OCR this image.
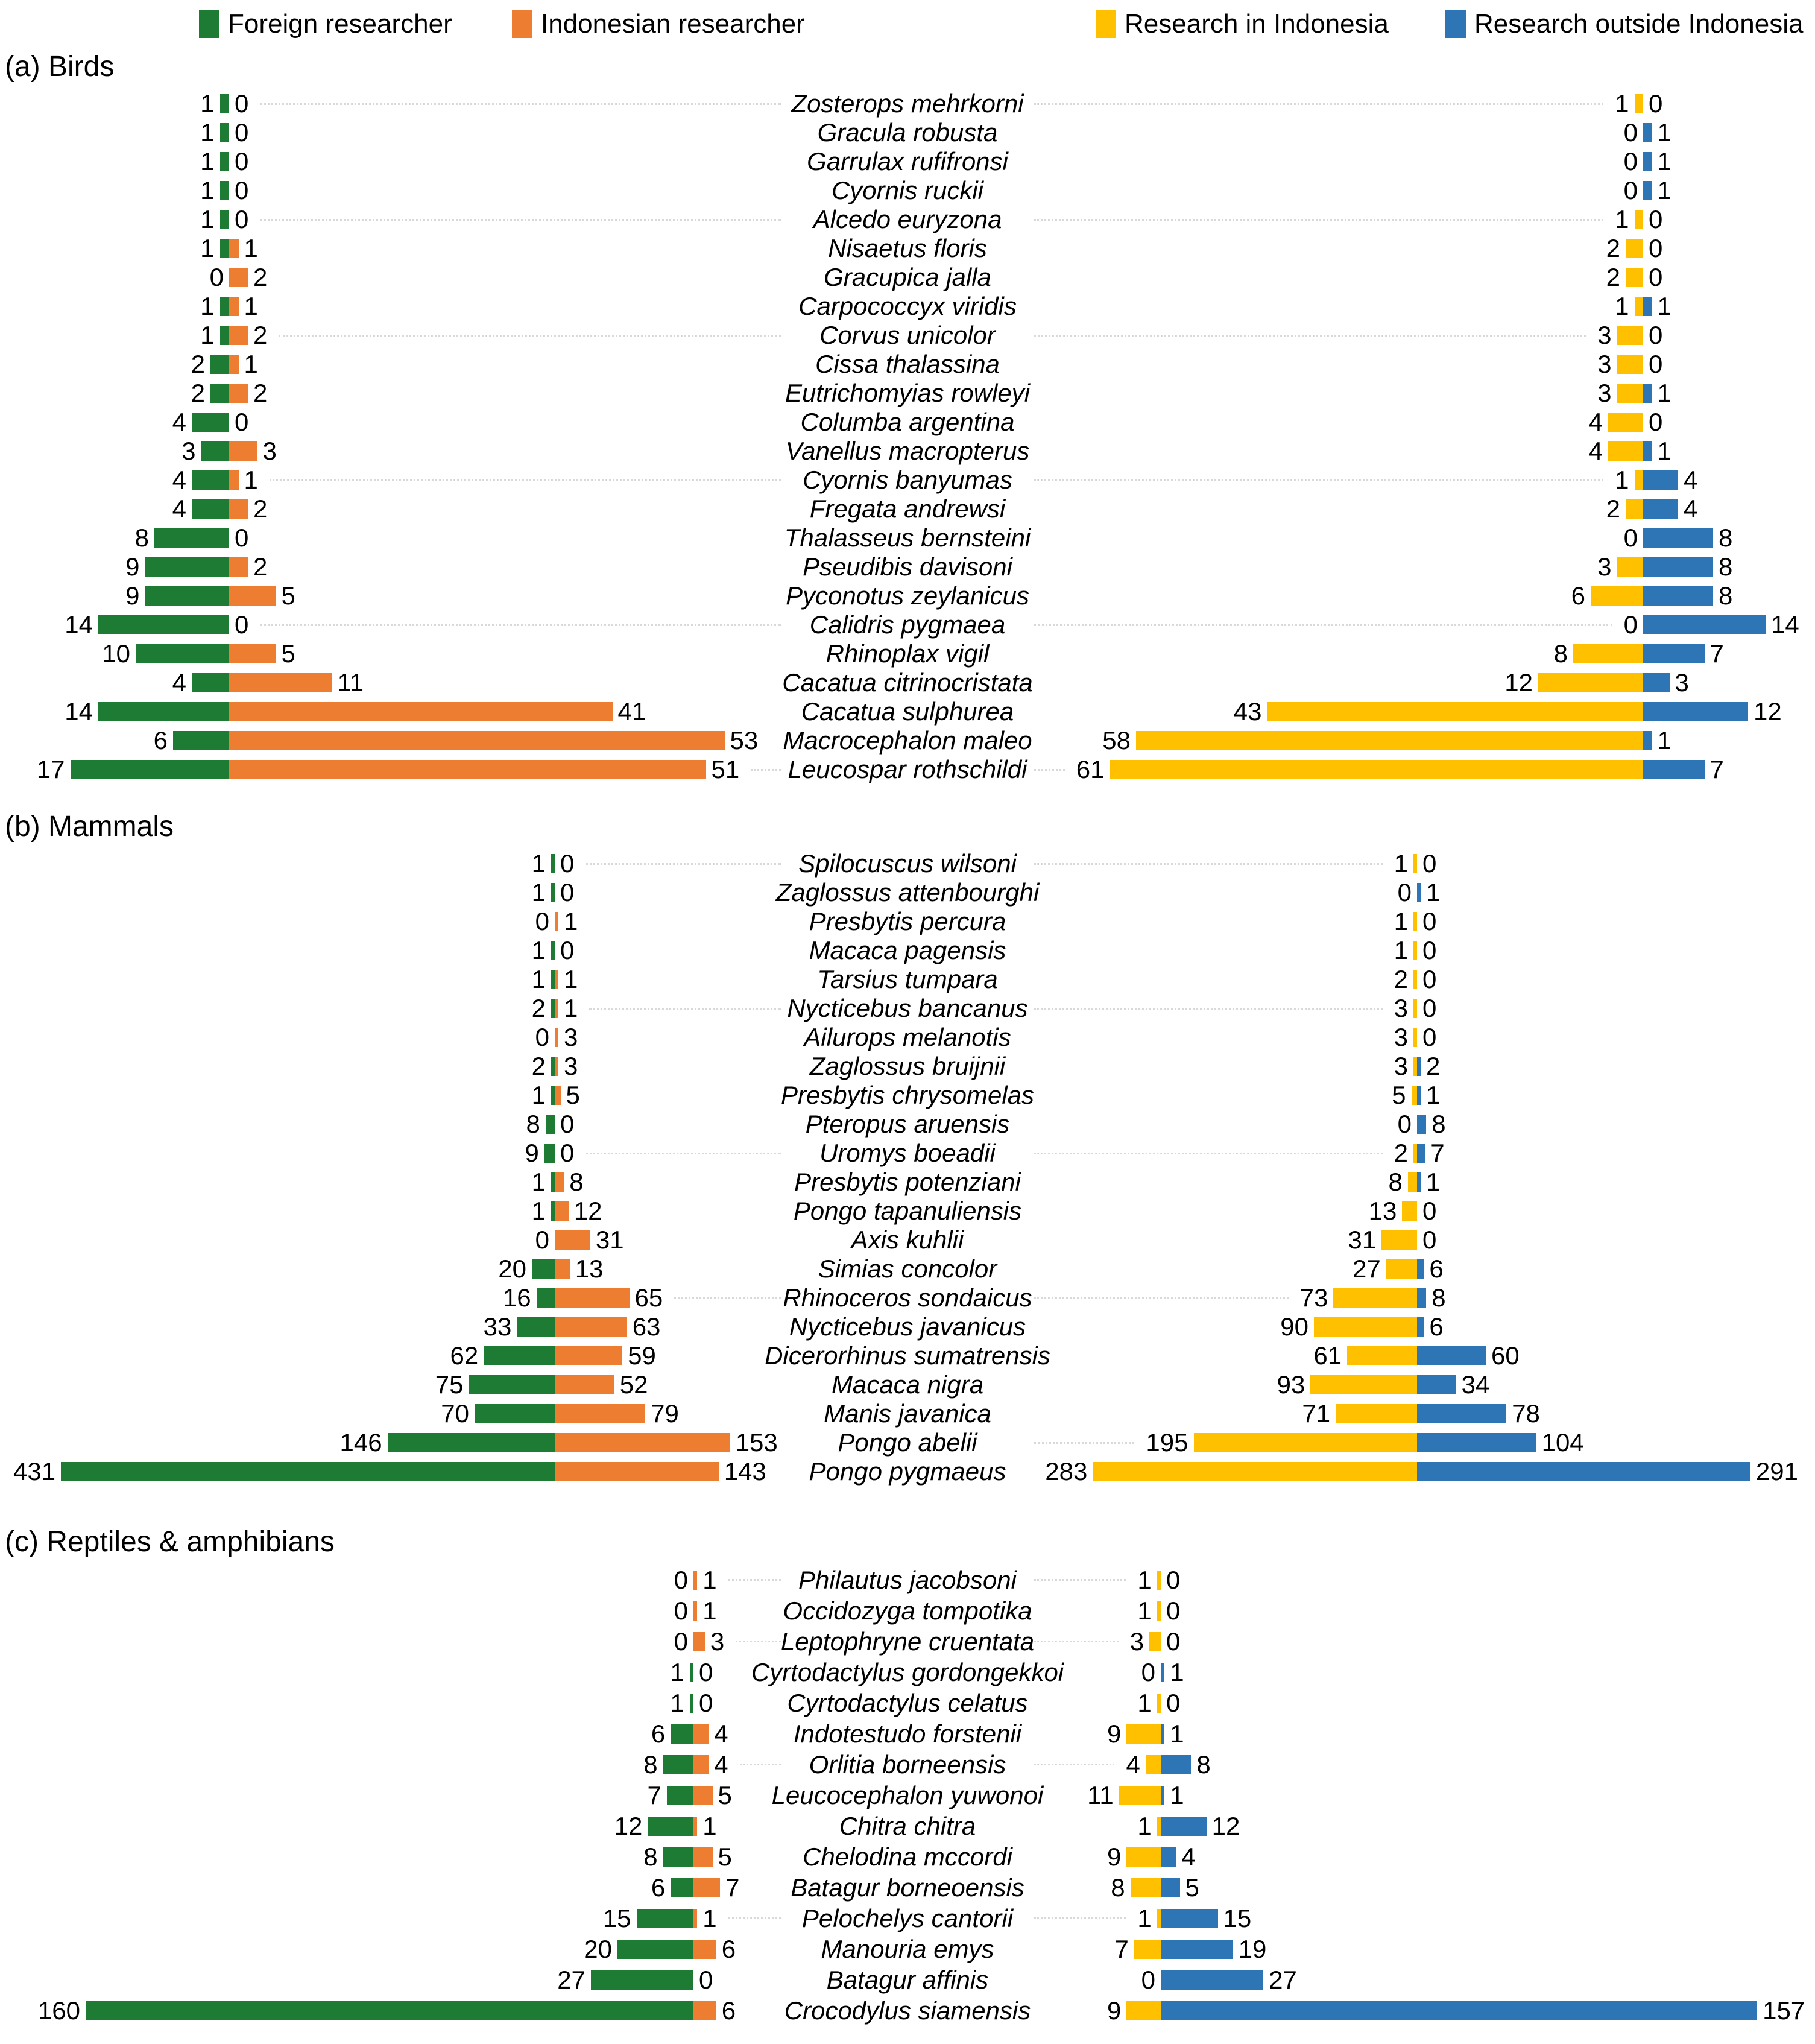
Foreign researcher	Indonesian researcher	Research in Indonesia	Research outside Indonesia
(a) Birds
1 0	Zosterops mehrkorni	1 0
1 0	Gracula robusta	0 1
1 0	Garrulax rufifronsi	0 1
1 0	Cyornis ruckii	0 1
1 0	Alcedo euryzona	1 0
1 1	Nisaetus floris	2 0
0 2	Gracupica jalla	2 0
1 1	Carpococcyx viridis	1 1
1 2	Corvus unicolor	3 0
2 1	Cissa thalassina	3 0
2 2	Eutrichomyias rowleyi	3 1
4 0	Columba argentina	4 0
3	3	Vanellus macropterus	4 1
4 1	Cyornis banyumas	1 4
4	2	Fregata andrewsi	2	4
8	0	Thalasseus bernsteini	0	8
9	2	Pseudibis davisoni	3	8
9	5	Pyconotus zeylanicus	6	8
14	0	Calidris pygmaea	0	14
10	5	Rhinoplax vigil	8	7
4	11	Cacatua citrinocristata	12	3
14	41	Cacatua sulphurea	43	12
6	53 Macrocephalon maleo	58	1
17	51 Leucospar rothschildi 61	7
(b) Mammals
1 0	Spilocuscus wilsoni	1 0
1 0	Zaglossus attenbourghi	0 1
0 1	Presbytis percura	1 0
1 0	Macaca pagensis	1 0
1 1	Tarsius tumpara	2 0
2 1	Nycticebus bancanus	3 0
0 3	Ailurops melanotis	3 0
2 3	Zaglossus bruijnii	3 2
1 5	Presbytis chrysomelas	5 1
8 0	Pteropus aruensis	0 8
9 0	Uromys boeadii	2 7
1 8	Presbytis potenziani	8 1
1 12	Pongo tapanuliensis	13 0
0 31	Axis kuhlii	31 0
20 13	Simias concolor	27 6
16	65	Rhinoceros sondaicus	73	8
33	63	Nycticebus javanicus	90	6
62	59	Dicerorhinus sumatrensis	61	60
75	52	Macaca nigra	93	34
70	79	Manis javanica	71	78
146	153 Pongo abelii	195	104
431	143 Pongo pygmaeus 283	291
(c) Reptiles & amphibians
0 1	Philautus jacobsoni	1 0
0 1	Occidozyga tompotika	1 0
0 3 Leptophryne cruentata	3 0
1 0 Cyrtodactylus gordongekkoi	0 1
1 0	Cyrtodactylus celatus	1 0
6 4	Indotestudo forstenii	9 1
8 4	Orlitia borneensis	4 8
7 5 Leucocephalon yuwonoi 11 1
12 1	Chitra chitra	1 12
8 5	Chelodina mccordi	9 4
6 7 Batagur borneoensis	8 5
15	1	Pelochelys cantorii	1	15
20	6	Manouria emys	7	19
27	0	Batagur affinis	0	27
160	6 Crocodylus siamensis	9	157
